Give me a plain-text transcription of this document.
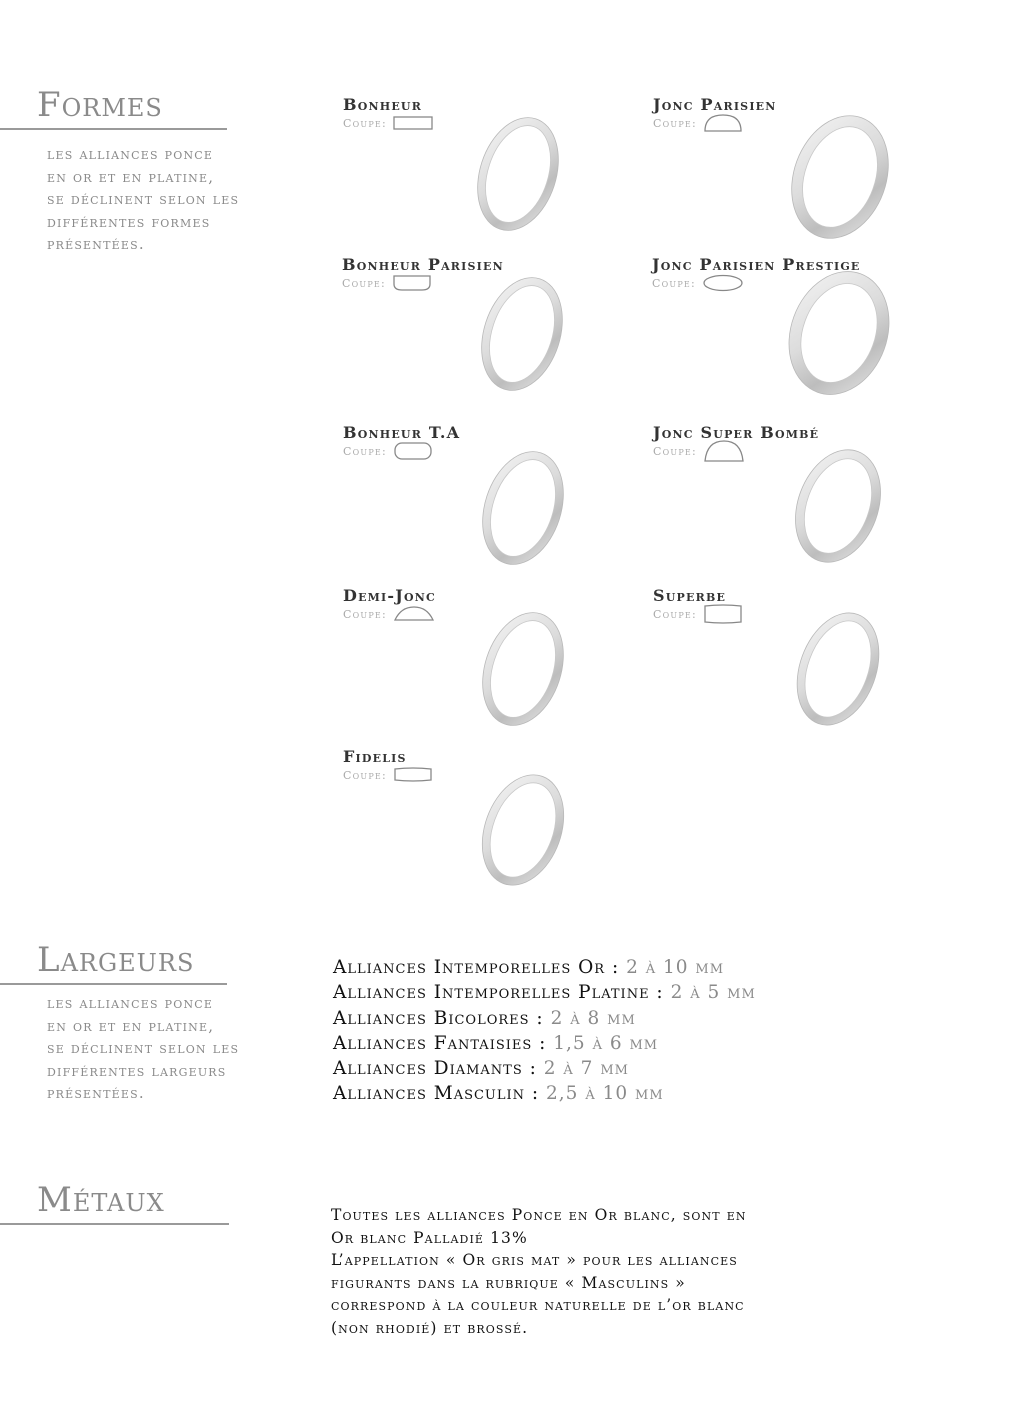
Formes

les alliances ponce
en or et en platine,
se déclinent selon les
différentes formes
présentées.

Bonheur
Coupe:
Jonc Parisien
Coupe:
Bonheur Parisien
Coupe:
Jonc Parisien Prestige
Coupe:
Bonheur T.A
Coupe:
Jonc Super Bombé
Coupe:
Demi-Jonc
Coupe:
Superbe
Coupe:
Fidelis
Coupe:
Largeurs

les alliances ponce
en or et en platine,
se déclinent selon les
différentes largeurs
présentées.

Alliances Intemporelles Or : 2 à 10 mm
Alliances Intemporelles Platine : 2 à 5 mm
Alliances Bicolores : 2 à 8 mm
Alliances Fantaisies : 1,5 à 6 mm
Alliances Diamants : 2 à 7 mm
Alliances Masculin : 2,5 à 10 mm
Métaux	Toutes les alliances Ponce en Or blanc, sont en
Or blanc Palladié 13%
L’appellation « Or gris mat » pour les alliances
figurants dans la rubrique « Masculins »
correspond à la couleur naturelle de l’or blanc
(non rhodié) et brossé.
